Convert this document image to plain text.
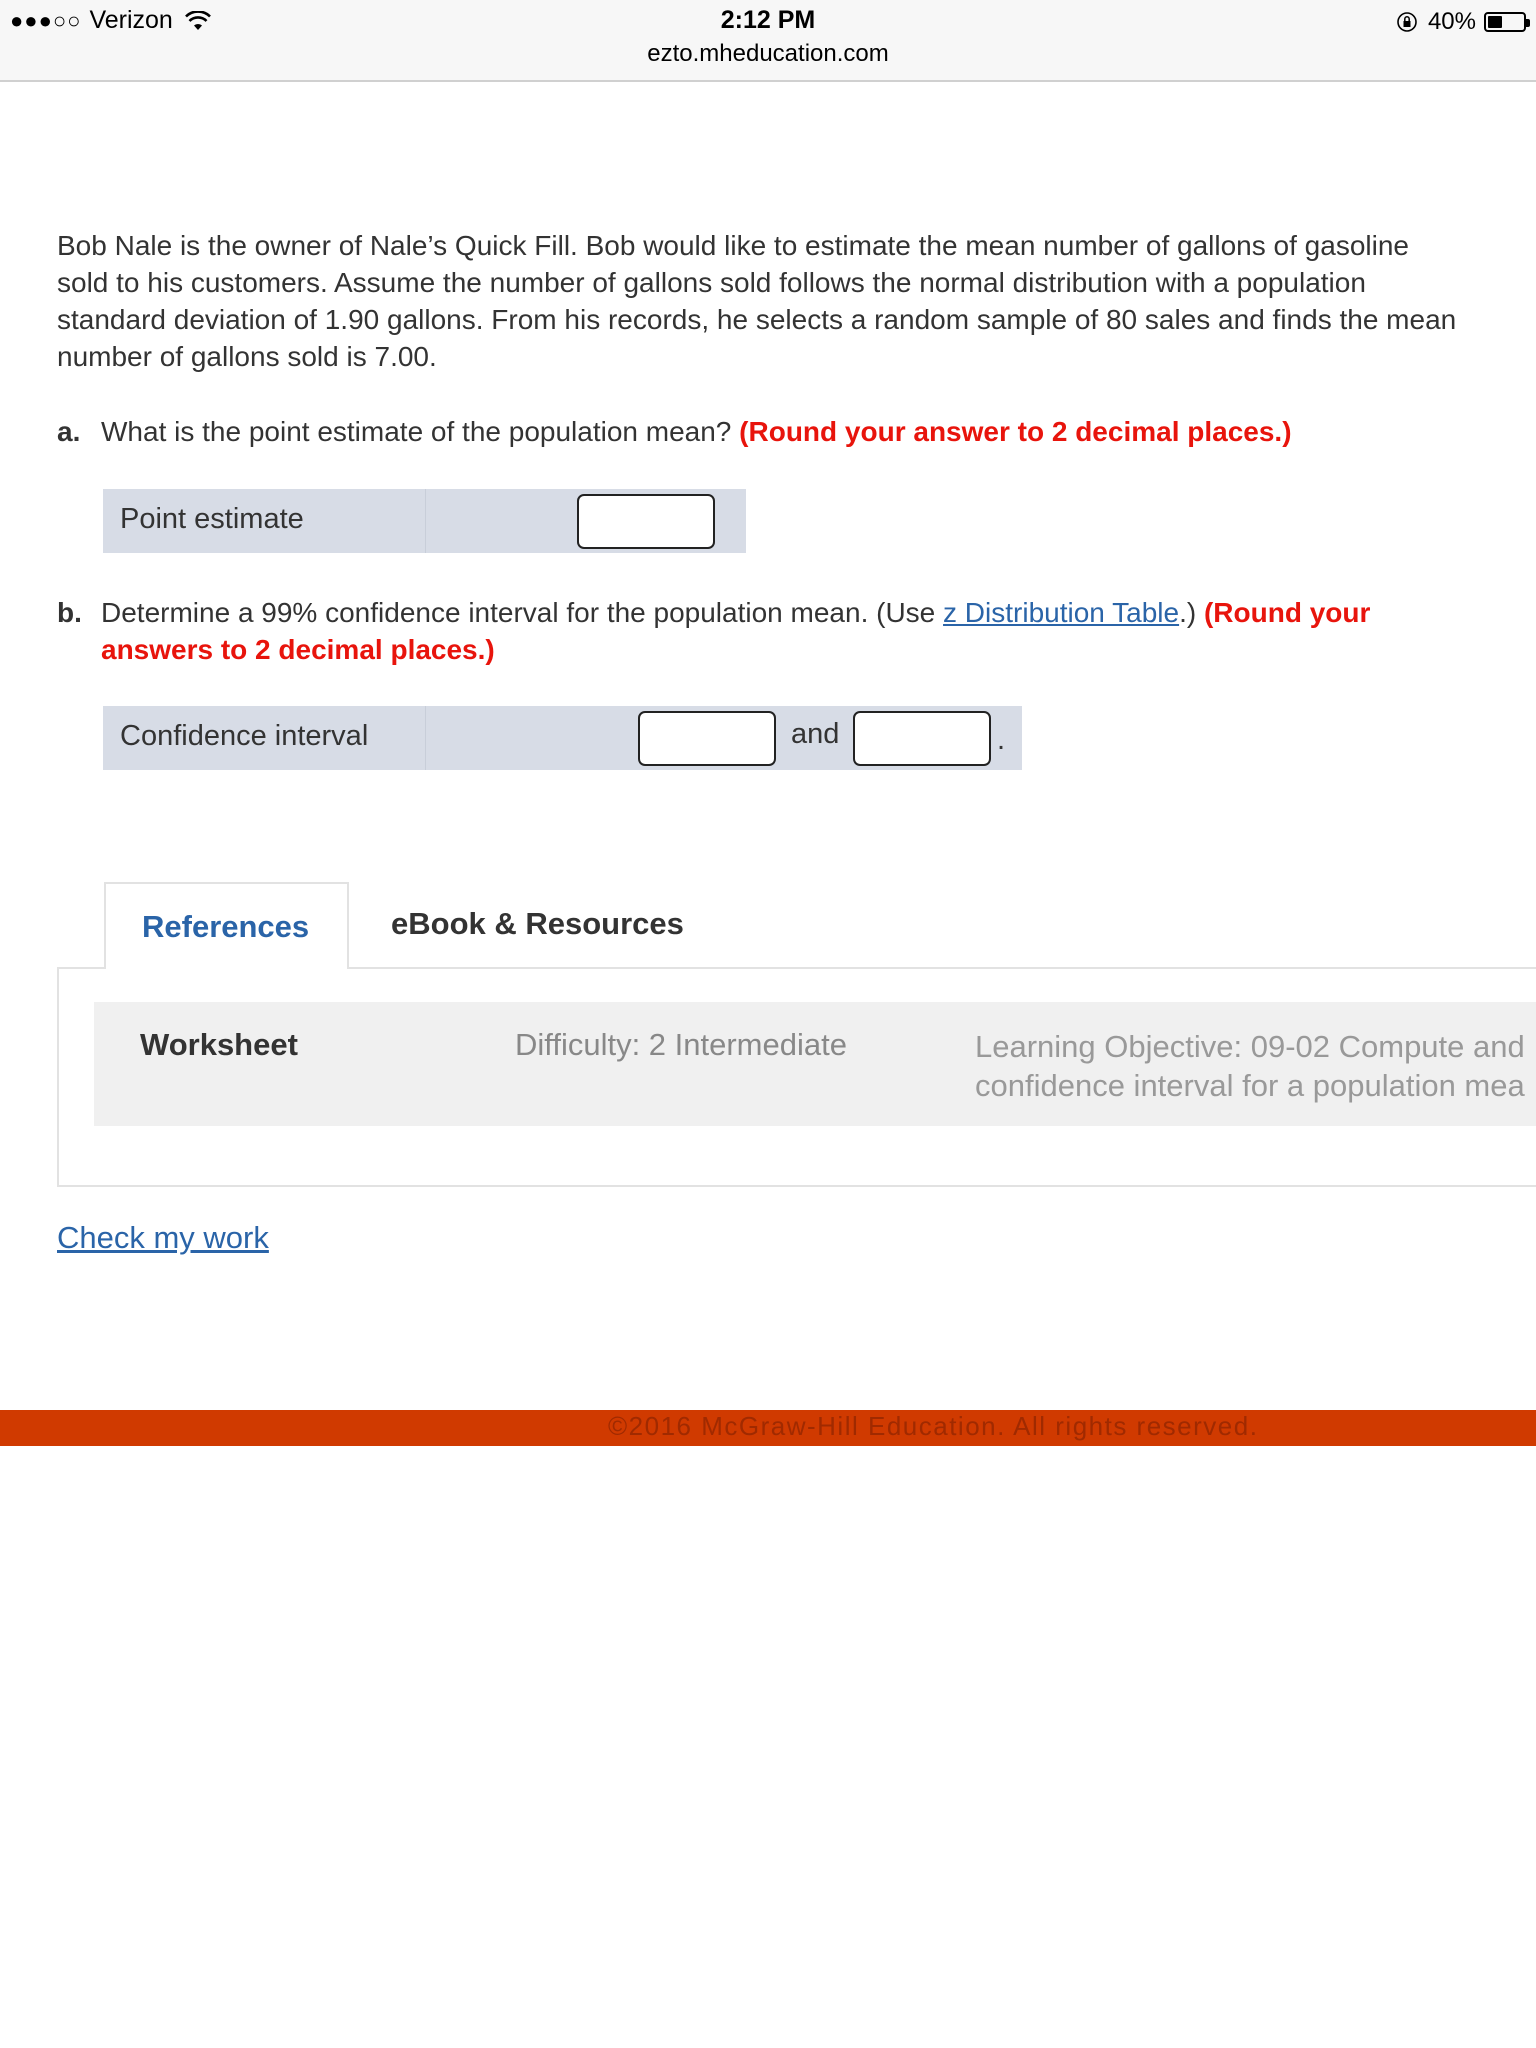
●●●○○ Verizon	2:12 PM
ezto.mheducation.com
40%
Bob Nale is the owner of Nale’s Quick Fill. Bob would like to estimate the mean number of gallons of gasoline sold to his customers. Assume the number of gallons sold follows the normal distribution with a population standard deviation of 1.90 gallons. From his records, he selects a random sample of 80 sales and finds the mean number of gallons sold is 7.00.
a. What is the point estimate of the population mean? (Round your answer to 2 decimal places.)
Point estimate
b. Determine a 99% confidence interval for the population mean. (Use z Distribution Table.) (Round your
answers to 2 decimal places.)
Confidence interval	and	.
References	eBook & Resources
Worksheet	Difficulty: 2 Intermediate	Learning Objective: 09-02 Compute and
confidence interval for a population mea
Check my work
©2016 McGraw-Hill Education. All rights reserved.
